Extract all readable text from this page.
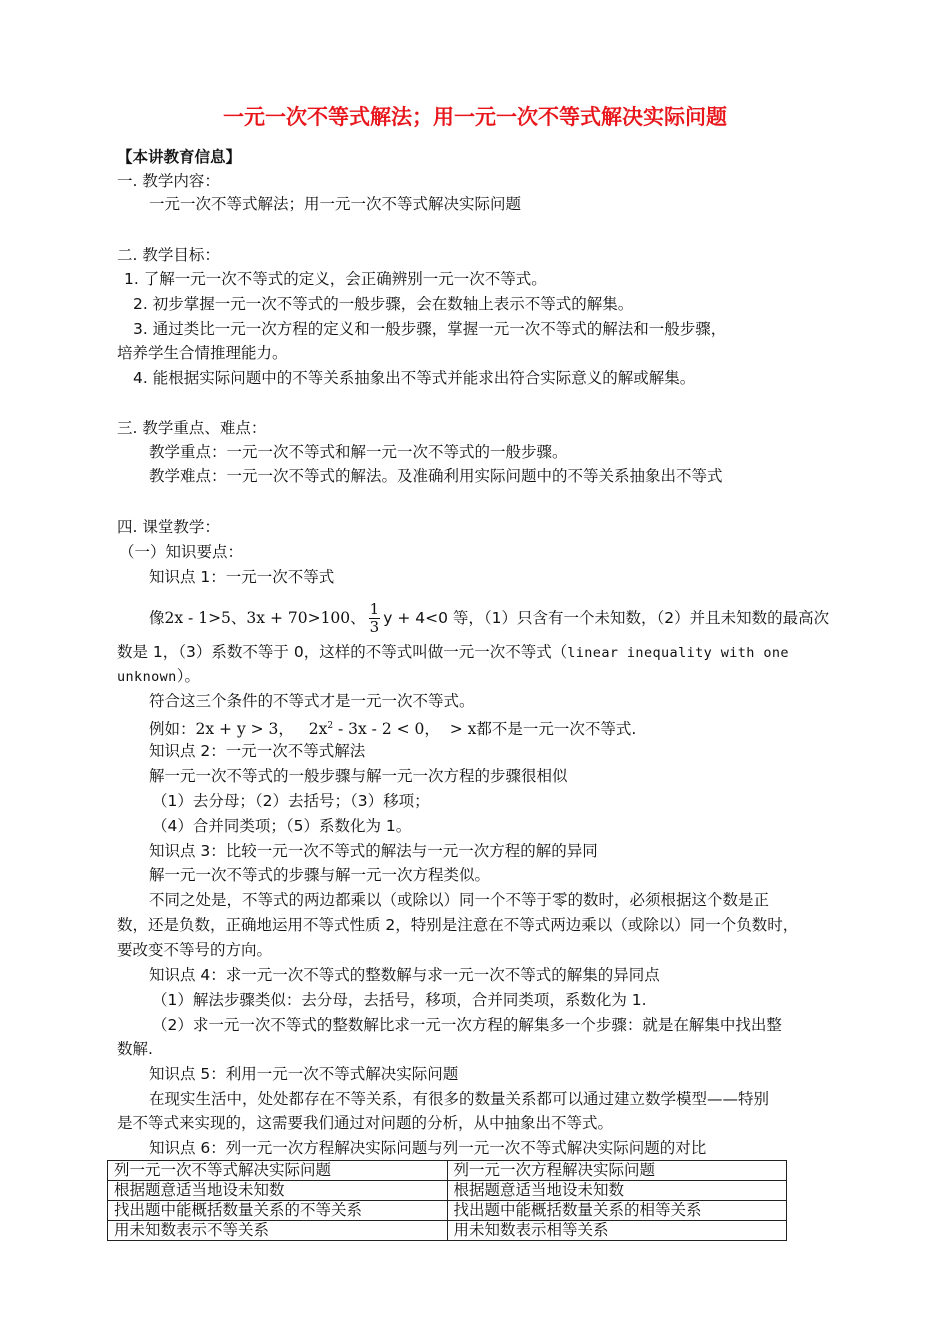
一元一次不等式解法；用一元一次不等式解决实际问题
【本讲教育信息】
一. 教学内容：
一元一次不等式解法；用一元一次不等式解决实际问题
二. 教学目标：
1. 了解一元一次不等式的定义，会正确辨别一元一次不等式。
2. 初步掌握一元一次不等式的一般步骤，会在数轴上表示不等式的解集。
3. 通过类比一元一次方程的定义和一般步骤，掌握一元一次不等式的解法和一般步骤，
培养学生合情推理能力。
4. 能根据实际问题中的不等关系抽象出不等式并能求出符合实际意义的解或解集。
三. 教学重点、难点：
教学重点：一元一次不等式和解一元一次不等式的一般步骤。
教学难点：一元一次不等式的解法。及准确利用实际问题中的不等关系抽象出不等式
四. 课堂教学：
（一）知识要点：
知识点 1：一元一次不等式
像2x - 1>5、3x + 70>100、 $\frac{1}{3}$ y + 4<0 等，（1）只含有一个未知数，（2）并且未知数的最高次
数是 1，（3）系数不等于 0，这样的不等式叫做一元一次不等式（linear inequality with one
unknown）。
符合这三个条件的不等式才是一元一次不等式。
例如：2x + y > 3， $2x^2 - 3x - 2 < 0$， > x都不是一元一次不等式.
知识点 2：一元一次不等式解法
解一元一次不等式的一般步骤与解一元一次方程的步骤很相似
（1）去分母；（2）去括号；（3）移项；
（4）合并同类项；（5）系数化为 1。
知识点 3：比较一元一次不等式的解法与一元一次方程的解的异同
解一元一次不等式的步骤与解一元一次方程类似。
不同之处是，不等式的两边都乘以（或除以）同一个不等于零的数时，必须根据这个数是正
数，还是负数，正确地运用不等式性质 2，特别是注意在不等式两边乘以（或除以）同一个负数时，
要改变不等号的方向。
知识点 4：求一元一次不等式的整数解与求一元一次不等式的解集的异同点
（1）解法步骤类似：去分母，去括号，移项，合并同类项，系数化为 1.
（2）求一元一次不等式的整数解比求一元一次方程的解集多一个步骤：就是在解集中找出整
数解.
知识点 5：利用一元一次不等式解决实际问题
在现实生活中，处处都存在不等关系，有很多的数量关系都可以通过建立数学模型——特别
是不等式来实现的，这需要我们通过对问题的分析，从中抽象出不等式。
知识点 6：列一元一次方程解决实际问题与列一元一次不等式解决实际问题的对比
列一元一次不等式解决实际问题	列一元一次方程解决实际问题
根据题意适当地设未知数	根据题意适当地设未知数
找出题中能概括数量关系的不等关系	找出题中能概括数量关系的相等关系
用未知数表示不等关系	用未知数表示相等关系
